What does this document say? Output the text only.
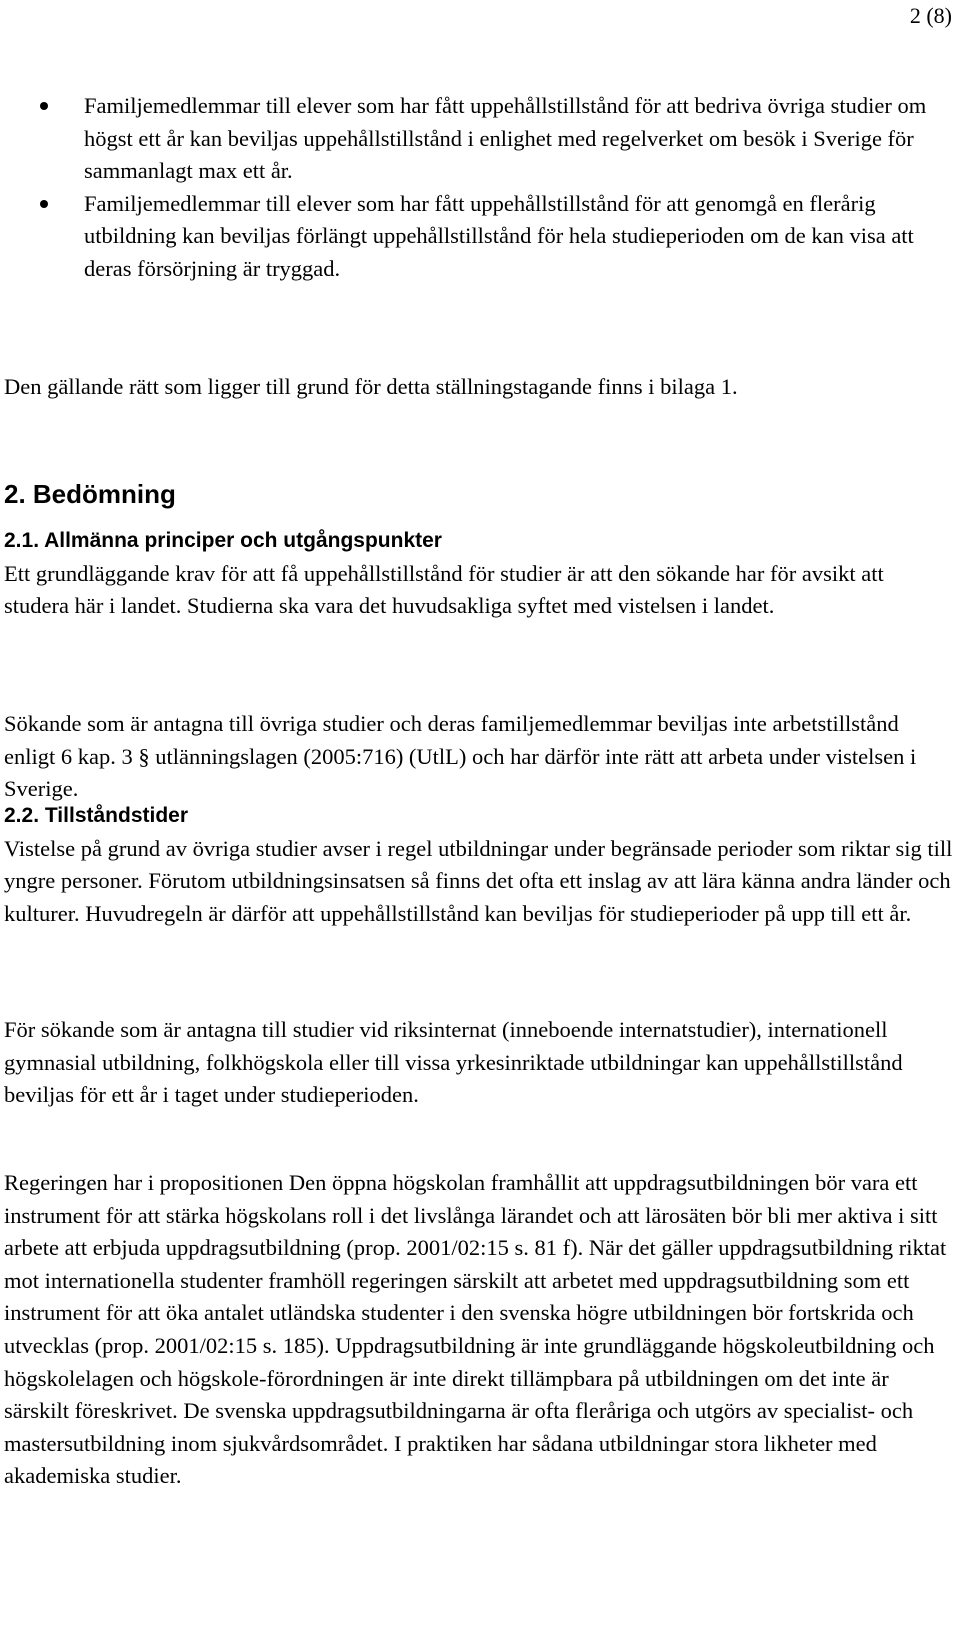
2 (8)
Familjemedlemmar till elever som har fått uppehållstillstånd för att bedriva övriga studier om högst ett år kan beviljas uppehållstillstånd i enlighet med regelverket om besök i Sverige för sammanlagt max ett år.
Familjemedlemmar till elever som har fått uppehållstillstånd för att genomgå en flerårig utbildning kan beviljas förlängt uppehållstillstånd för hela studieperioden om de kan visa att deras försörjning är tryggad.

Den gällande rätt som ligger till grund för detta ställningstagande finns i bilaga 1.

2. Bedömning
2.1. Allmänna principer och utgångspunkter
Ett grundläggande krav för att få uppehållstillstånd för studier är att den sökande har för avsikt att studera här i landet. Studierna ska vara det huvudsakliga syftet med vistelsen i landet.

Sökande som är antagna till övriga studier och deras familjemedlemmar beviljas inte arbetstillstånd enligt 6 kap. 3 § utlänningslagen (2005:716) (UtlL) och har därför inte rätt att arbeta under vistelsen i Sverige.

2.2. Tillståndstider
Vistelse på grund av övriga studier avser i regel utbildningar under begränsade perioder som riktar sig till yngre personer. Förutom utbildningsinsatsen så finns det ofta ett inslag av att lära känna andra länder och kulturer. Huvudregeln är därför att uppehållstillstånd kan beviljas för studieperioder på upp till ett år.

För sökande som är antagna till studier vid riksinternat (inneboende internatstudier), internationell gymnasial utbildning, folkhögskola eller till vissa yrkesinriktade utbildningar kan uppehållstillstånd beviljas för ett år i taget under studieperioden.

Regeringen har i propositionen Den öppna högskolan framhållit att uppdragsutbildningen bör vara ett instrument för att stärka högskolans roll i det livslånga lärandet och att lärosäten bör bli mer aktiva i sitt arbete att erbjuda uppdragsutbildning (prop. 2001/02:15 s. 81 f). När det gäller uppdragsutbildning riktat mot internationella studenter framhöll regeringen särskilt att arbetet med uppdragsutbildning som ett instrument för att öka antalet utländska studenter i den svenska högre utbildningen bör fortskrida och utvecklas (prop. 2001/02:15 s. 185). Uppdragsutbildning är inte grundläggande högskoleutbildning och högskolelagen och högskole-förordningen är inte direkt tillämpbara på utbildningen om det inte är särskilt föreskrivet. De svenska uppdragsutbildningarna är ofta fleråriga och utgörs av specialist- och mastersutbildning inom sjukvårdsområdet. I praktiken har sådana utbildningar stora likheter med akademiska studier.
